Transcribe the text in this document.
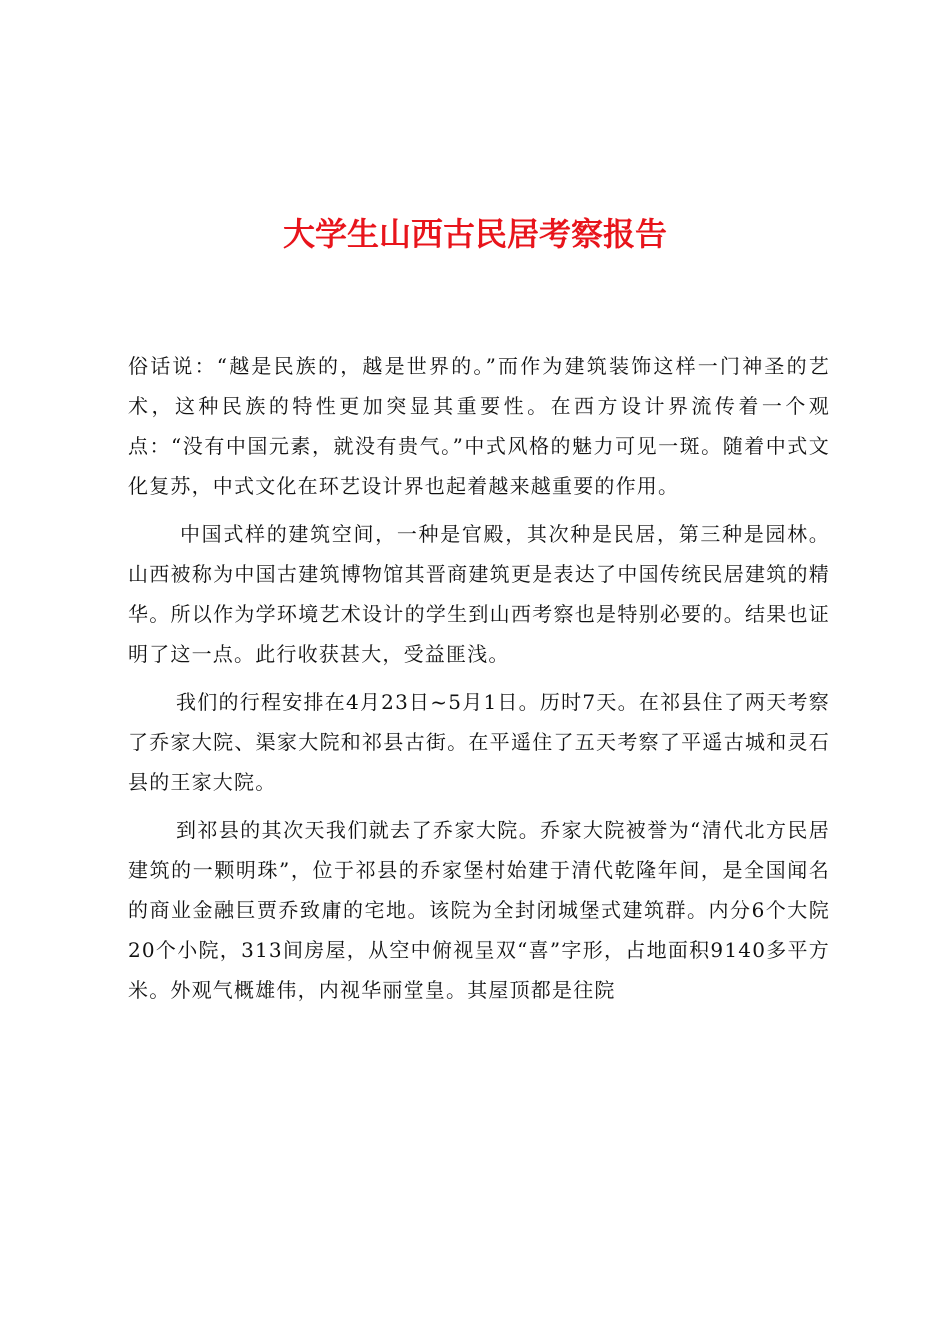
大学生山西古民居考察报告

俗话说：“越是民族的，越是世界的。”而作为建筑装饰这样一门神圣的艺术，这种民族的特性更加突显其重要性。在西方设计界流传着一个观点：“没有中国元素，就没有贵气。”中式风格的魅力可见一斑。随着中式文化复苏，中式文化在环艺设计界也起着越来越重要的作用。

中国式样的建筑空间，一种是官殿，其次种是民居，第三种是园林。山西被称为中国古建筑博物馆其晋商建筑更是表达了中国传统民居建筑的精华。所以作为学环境艺术设计的学生到山西考察也是特别必要的。结果也证明了这一点。此行收获甚大，受益匪浅。

我们的行程安排在4月23日~5月1日。历时7天。在祁县住了两天考察了乔家大院、渠家大院和祁县古街。在平遥住了五天考察了平遥古城和灵石县的王家大院。

到祁县的其次天我们就去了乔家大院。乔家大院被誉为“清代北方民居建筑的一颗明珠”，位于祁县的乔家堡村始建于清代乾隆年间，是全国闻名的商业金融巨贾乔致庸的宅地。该院为全封闭城堡式建筑群。内分6个大院20个小院，313间房屋，从空中俯视呈双“喜”字形，占地面积9140多平方米。外观气概雄伟，内视华丽堂皇。其屋顶都是往院
